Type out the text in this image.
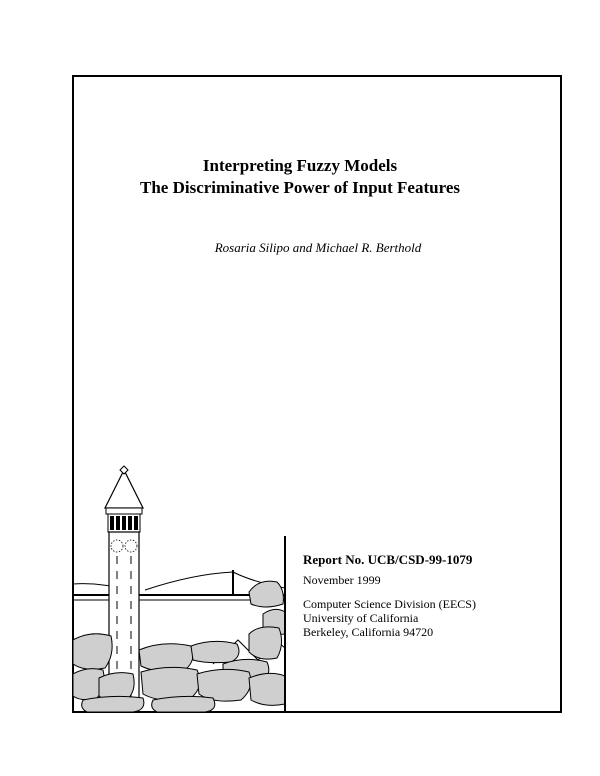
Interpreting Fuzzy Models
The Discriminative Power of Input Features
Rosaria Silipo and Michael R. Berthold
Report No. UCB/CSD-99-1079
November 1999
Computer Science Division (EECS)
University of California
Berkeley, California 94720
